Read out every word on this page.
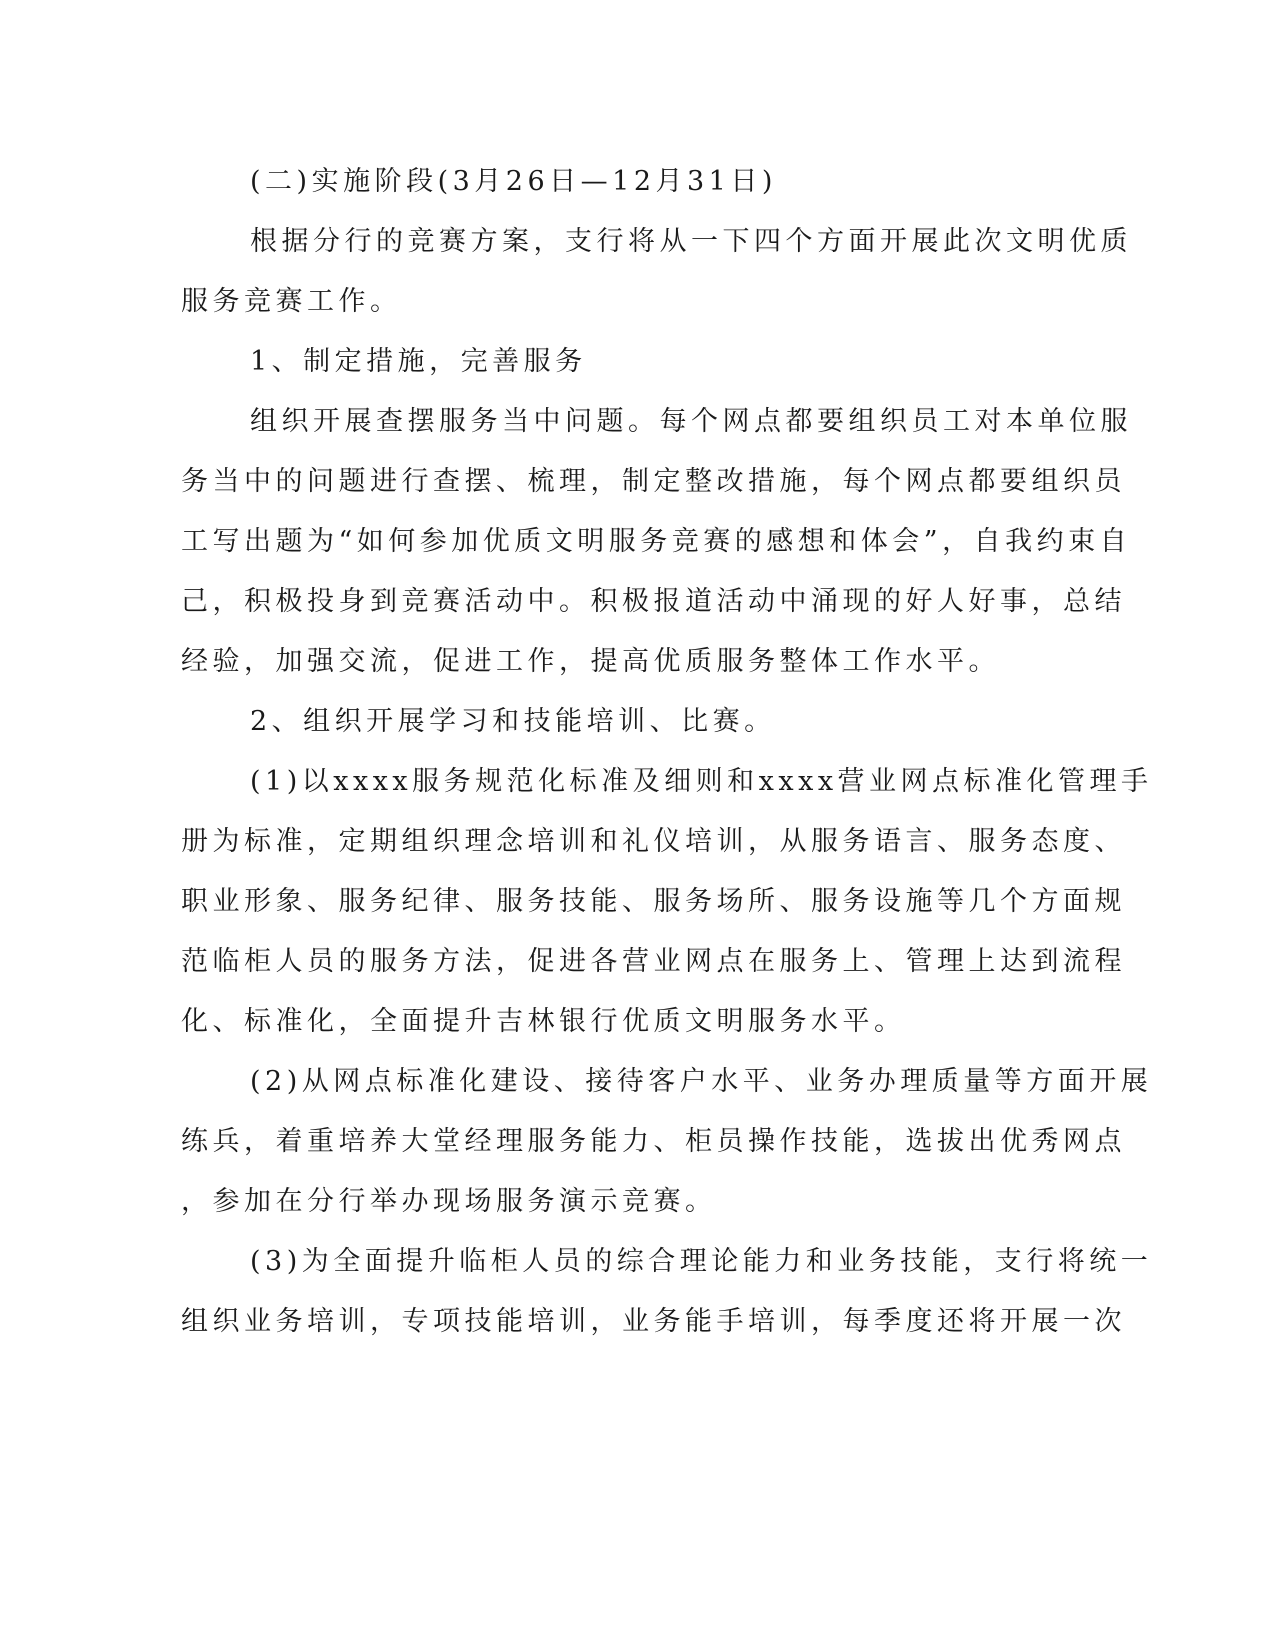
(二)实施阶段(3月26日—12月31日)
根据分行的竞赛方案，支行将从一下四个方面开展此次文明优质
服务竞赛工作。
1、制定措施，完善服务
组织开展查摆服务当中问题。每个网点都要组织员工对本单位服
务当中的问题进行查摆、梳理，制定整改措施，每个网点都要组织员
工写出题为“如何参加优质文明服务竞赛的感想和体会”，自我约束自
己，积极投身到竞赛活动中。积极报道活动中涌现的好人好事，总结
经验，加强交流，促进工作，提高优质服务整体工作水平。
2、组织开展学习和技能培训、比赛。
(1)以xxxx服务规范化标准及细则和xxxx营业网点标准化管理手
册为标准，定期组织理念培训和礼仪培训，从服务语言、服务态度、
职业形象、服务纪律、服务技能、服务场所、服务设施等几个方面规
范临柜人员的服务方法，促进各营业网点在服务上、管理上达到流程
化、标准化，全面提升吉林银行优质文明服务水平。
(2)从网点标准化建设、接待客户水平、业务办理质量等方面开展
练兵，着重培养大堂经理服务能力、柜员操作技能，选拔出优秀网点
，参加在分行举办现场服务演示竞赛。
(3)为全面提升临柜人员的综合理论能力和业务技能，支行将统一
组织业务培训，专项技能培训，业务能手培训，每季度还将开展一次
